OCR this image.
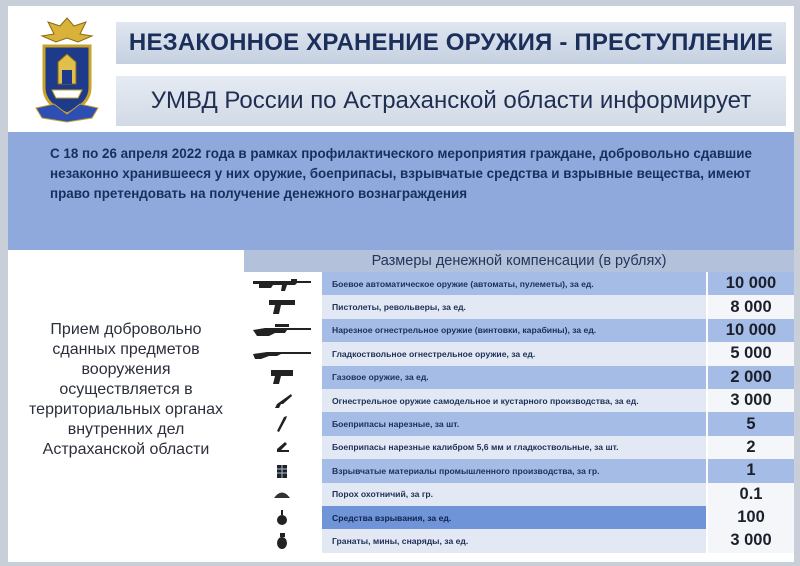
НЕЗАКОННОЕ ХРАНЕНИЕ ОРУЖИЯ - ПРЕСТУПЛЕНИЕ
УМВД России по Астраханской области информирует

С 18 по 26 апреля 2022 года в рамках профилактического мероприятия граждане, добровольно сдавшие незаконно хранившееся у них оружие, боеприпасы, взрывчатые средства и взрывные вещества, имеют право претендовать на получение денежного вознаграждения

Прием добровольно сданных предметов вооружения осуществляется в территориальных органах внутренних дел Астраханской области
Размеры денежной компенсации (в рублях)
Боевое автоматическое оружие (автоматы, пулеметы), за ед.	10 000
Пистолеты, револьверы, за ед.	8 000
Нарезное огнестрельное оружие (винтовки, карабины), за ед.	10 000
Гладкоствольное огнестрельное оружие, за ед.	5 000
Газовое оружие, за ед.	2 000
Огнестрельное оружие самодельное и кустарного производства, за ед.	3 000
Боеприпасы нарезные, за шт.	5
Боеприпасы нарезные калибром 5,6 мм и гладкоствольные, за шт.	2
Взрывчатые материалы промышленного производства, за гр.	1
Порох охотничий, за гр.	0.1
Средства взрывания, за ед.	100
Гранаты, мины, снаряды, за ед.	3 000
